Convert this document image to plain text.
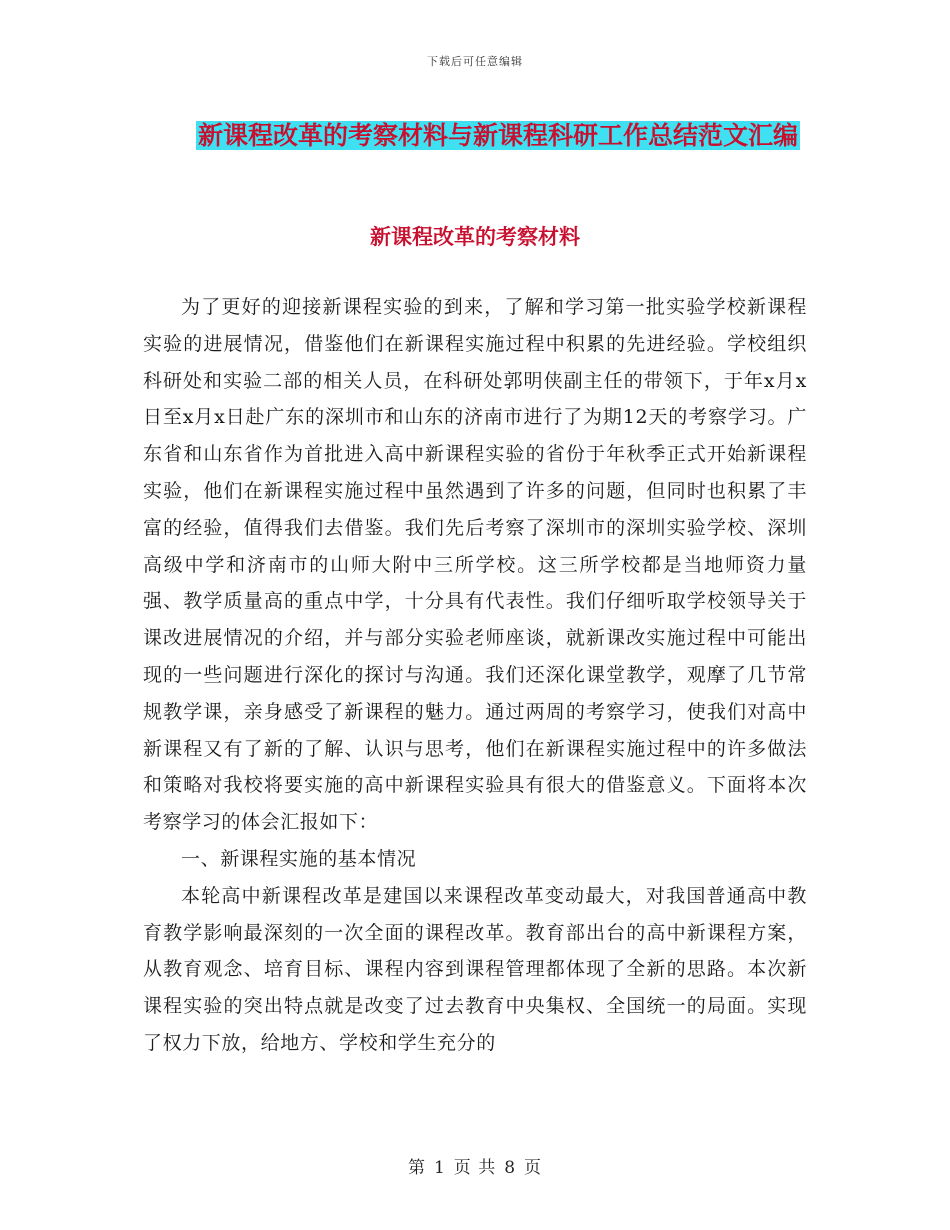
下载后可任意编辑
新课程改革的考察材料与新课程科研工作总结范文汇编
新课程改革的考察材料

为了更好的迎接新课程实验的到来，了解和学习第一批实验学校新课程实验的进展情况，借鉴他们在新课程实施过程中积累的先进经验。学校组织科研处和实验二部的相关人员，在科研处郭明侠副主任的带领下，于年x月x日至x月x日赴广东的深圳市和山东的济南市进行了为期12天的考察学习。广东省和山东省作为首批进入高中新课程实验的省份于年秋季正式开始新课程实验，他们在新课程实施过程中虽然遇到了许多的问题，但同时也积累了丰富的经验，值得我们去借鉴。我们先后考察了深圳市的深圳实验学校、深圳高级中学和济南市的山师大附中三所学校。这三所学校都是当地师资力量强、教学质量高的重点中学，十分具有代表性。我们仔细听取学校领导关于课改进展情况的介绍，并与部分实验老师座谈，就新课改实施过程中可能出现的一些问题进行深化的探讨与沟通。我们还深化课堂教学，观摩了几节常规教学课，亲身感受了新课程的魅力。通过两周的考察学习，使我们对高中新课程又有了新的了解、认识与思考，他们在新课程实施过程中的许多做法和策略对我校将要实施的高中新课程实验具有很大的借鉴意义。下面将本次考察学习的体会汇报如下：

一、新课程实施的基本情况

本轮高中新课程改革是建国以来课程改革变动最大，对我国普通高中教育教学影响最深刻的一次全面的课程改革。教育部出台的高中新课程方案，从教育观念、培育目标、课程内容到课程管理都体现了全新的思路。本次新课程实验的突出特点就是改变了过去教育中央集权、全国统一的局面。实现了权力下放，给地方、学校和学生充分的

第 1 页 共 8 页
